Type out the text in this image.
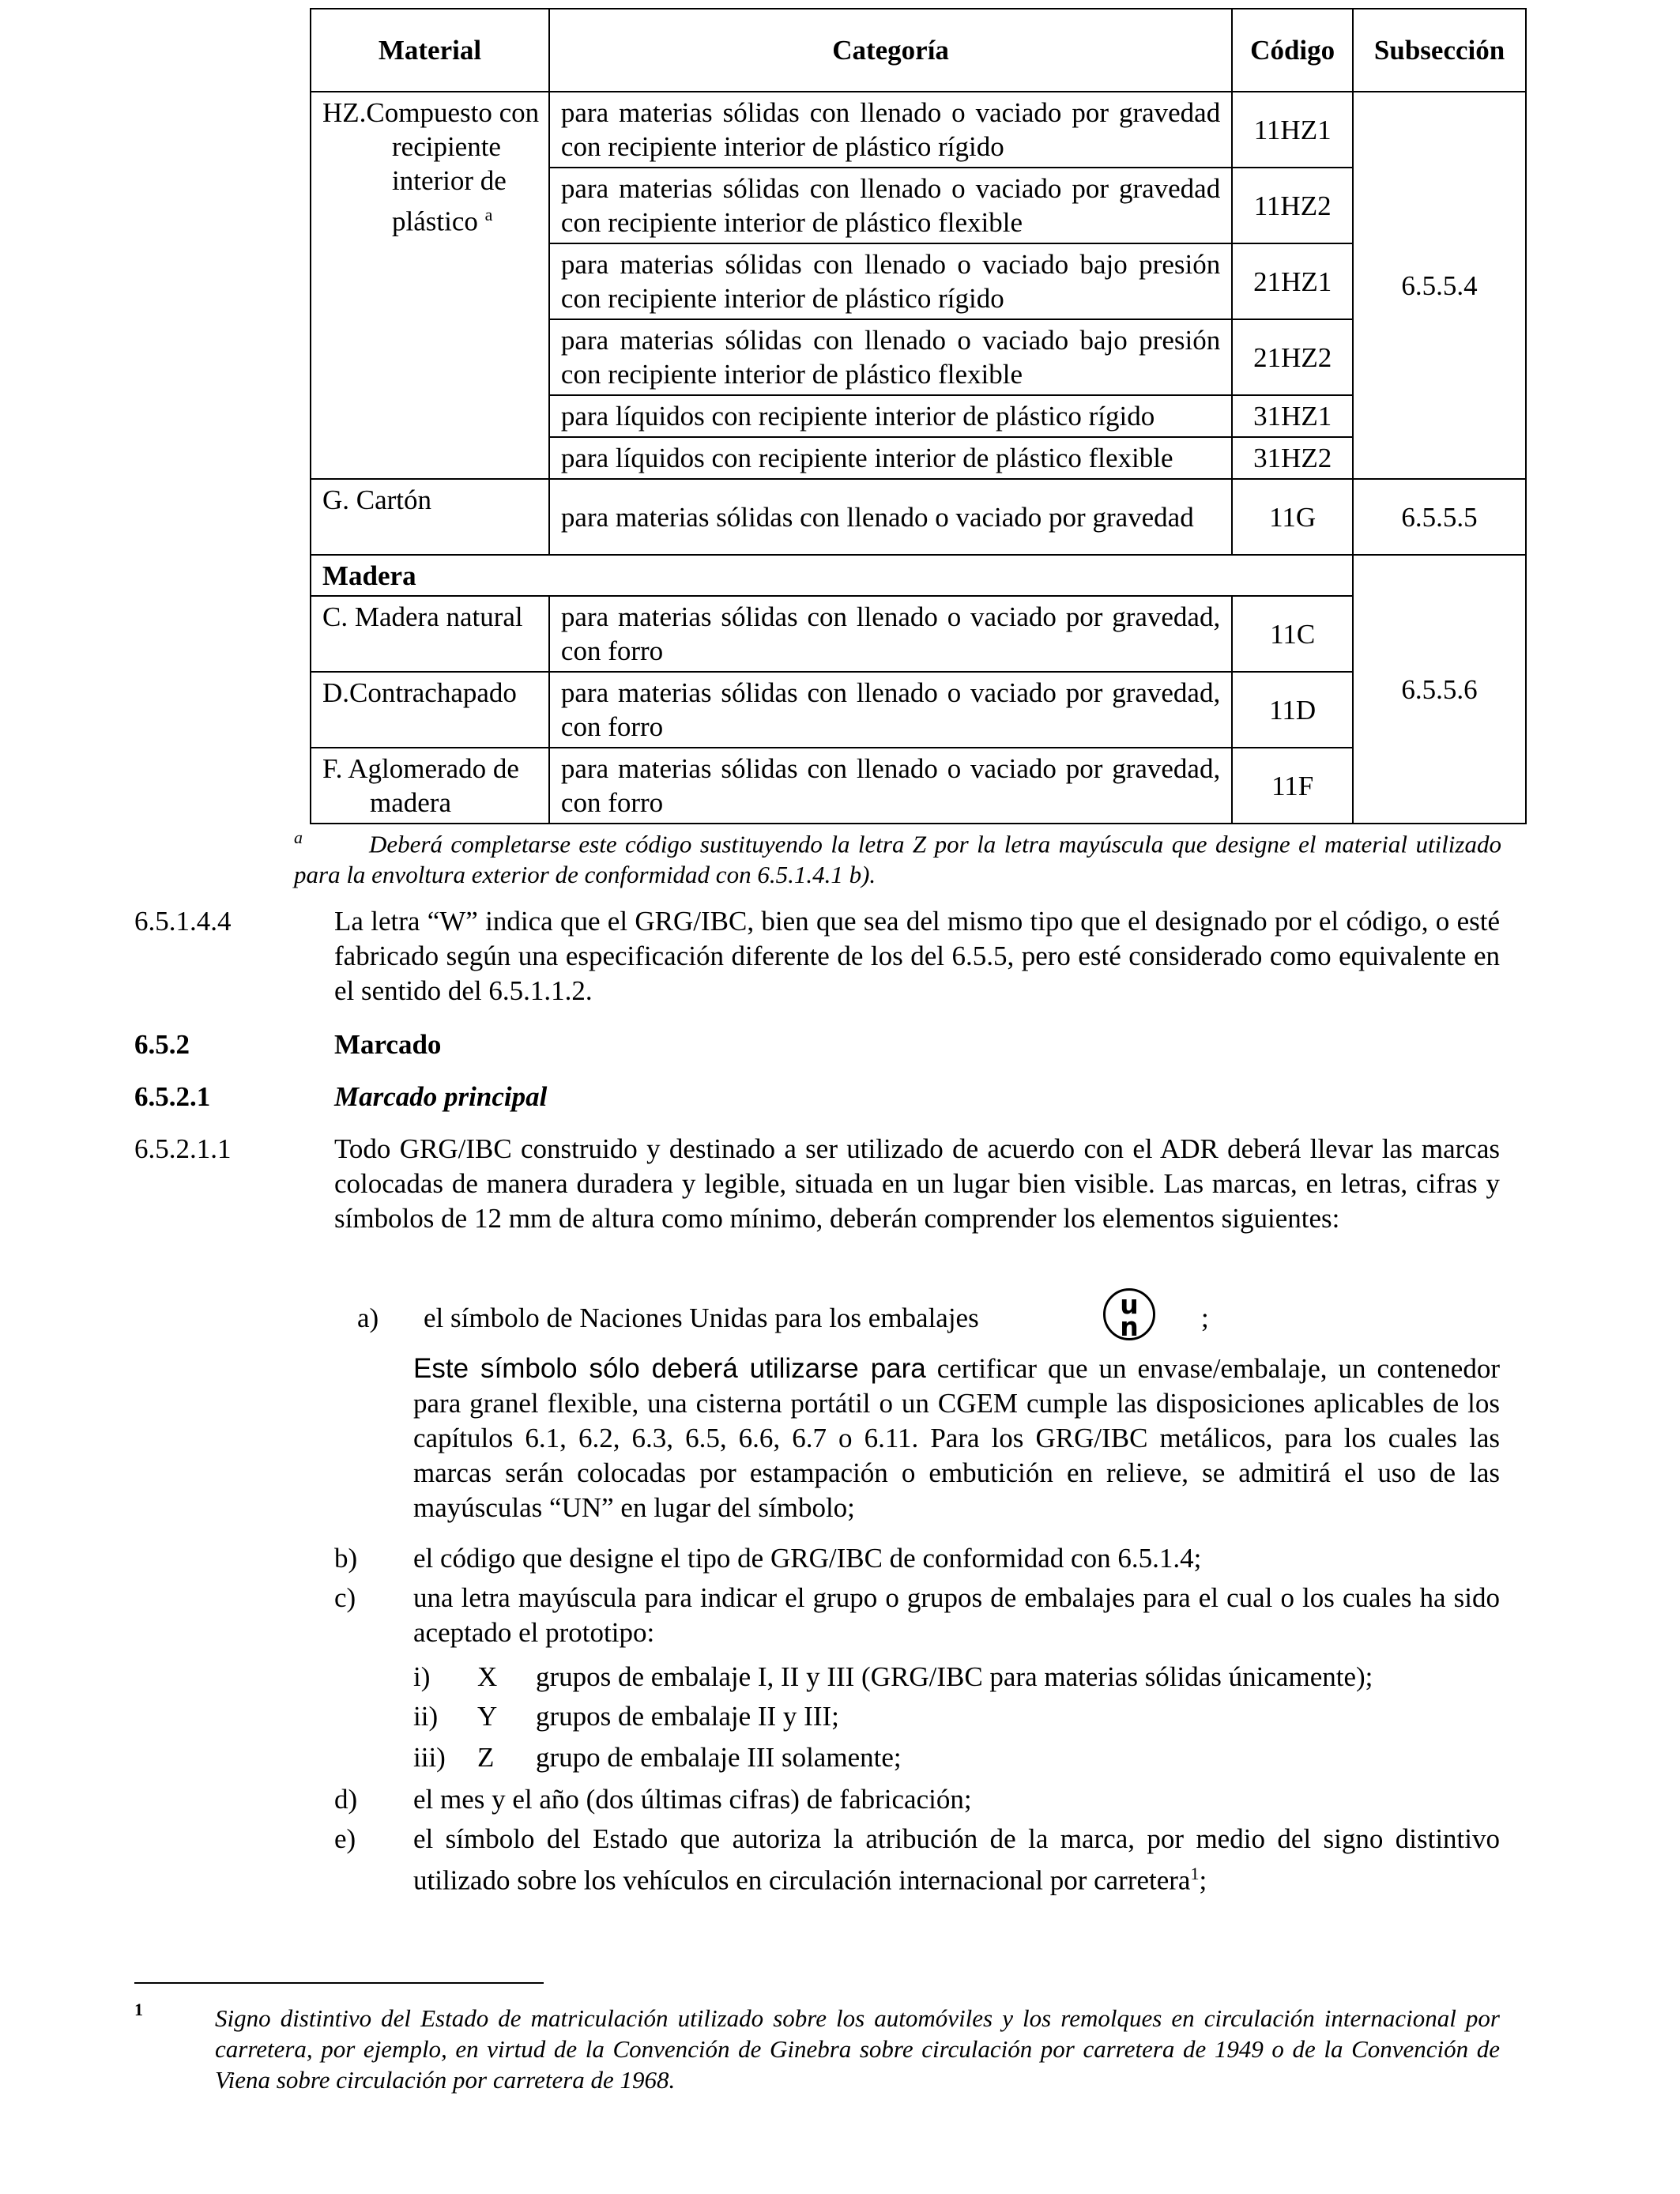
Material	Categoría	Código	Subsección

HZ.Compuesto con recipiente interior de plástico $^a$	para materias sólidas con llenado o vaciado por gravedad con recipiente interior de plástico rígido	11HZ1	6.5.5.4
	para materias sólidas con llenado o vaciado por gravedad con recipiente interior de plástico flexible	11HZ2	
	para materias sólidas con llenado o vaciado bajo presión con recipiente interior de plástico rígido	21HZ1	
	para materias sólidas con llenado o vaciado bajo presión con recipiente interior de plástico flexible	21HZ2	
	para líquidos con recipiente interior de plástico rígido	31HZ1	
	para líquidos con recipiente interior de plástico flexible	31HZ2	
G. Cartón	para materias sólidas con llenado o vaciado por gravedad	11G	6.5.5.5
Madera			6.5.5.6

C. Madera natural	para materias sólidas con llenado o vaciado por gravedad, con forro	11C	
D.Contrachapado	para materias sólidas con llenado o vaciado por gravedad, con forro	11D	

F. Aglomerado de madera	para materias sólidas con llenado o vaciado por gravedad, con forro	11F	
$^a$	Deberá completarse este código sustituyendo la letra Z por la letra mayúscula que designe el material utilizado para la envoltura exterior de conformidad con 6.5.1.4.1 b).
6.5.1.4.4	La letra “W” indica que el GRG/IBC, bien que sea del mismo tipo que el designado por el código, o esté fabricado según una especificación diferente de los del 6.5.5, pero esté considerado como equivalente en el sentido del 6.5.1.1.2.
6.5.2	Marcado
6.5.2.1	Marcado principal
6.5.2.1.1	Todo GRG/IBC construido y destinado a ser utilizado de acuerdo con el ADR deberá llevar las marcas colocadas de manera duradera y legible, situada en un lugar bien visible. Las marcas, en letras, cifras y símbolos de 12 mm de altura como mínimo, deberán comprender los elementos siguientes:
a) el símbolo de Naciones Unidas para los embalajes	u
n	;
Este símbolo sólo deberá utilizarse para certificar que un envase/embalaje, un contenedor para granel flexible, una cisterna portátil o un CGEM cumple las disposiciones aplicables de los capítulos 6.1, 6.2, 6.3, 6.5, 6.6, 6.7 o 6.11. Para los GRG/IBC metálicos, para los cuales las marcas serán colocadas por estampación o embutición en relieve, se admitirá el uso de las mayúsculas “UN” en lugar del símbolo;
b) el código que designe el tipo de GRG/IBC de conformidad con 6.5.1.4;
c) una letra mayúscula para indicar el grupo o grupos de embalajes para el cual o los cuales ha sido aceptado el prototipo:
i) X grupos de embalaje I, II y III (GRG/IBC para materias sólidas únicamente);
ii) Y grupos de embalaje II y III;
iii) Z grupo de embalaje III solamente;
d) el mes y el año (dos últimas cifras) de fabricación;
e) el símbolo del Estado que autoriza la atribución de la marca, por medio del signo distintivo utilizado sobre los vehículos en circulación internacional por carretera$^1$;
1	Signo distintivo del Estado de matriculación utilizado sobre los automóviles y los remolques en circulación internacional por carretera, por ejemplo, en virtud de la Convención de Ginebra sobre circulación por carretera de 1949 o de la Convención de Viena sobre circulación por carretera de 1968.
